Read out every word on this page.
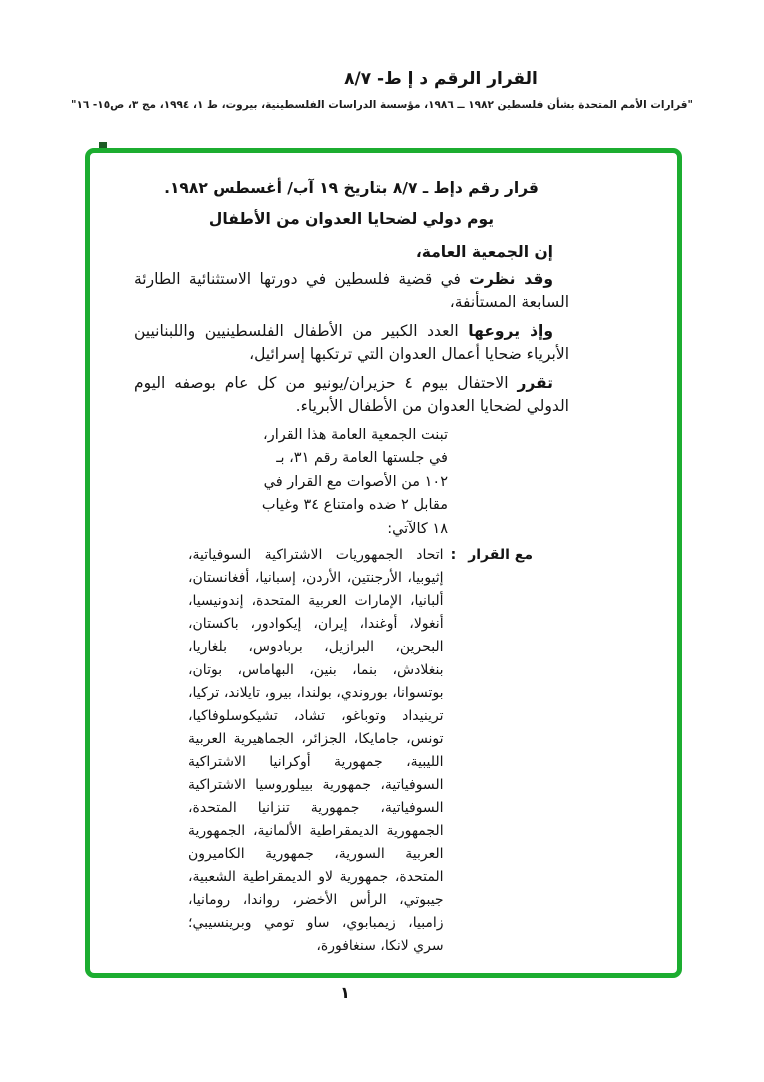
القرار الرقم د إ ط- ٨/٧
"قرارات الأمم المتحدة بشأن فلسطين ١٩٨٢ ــ ١٩٨٦، مؤسسة الدراسات الفلسطينية، بيروت، ط ١، ١٩٩٤، مج ٣، ص١٥- ١٦"
قرار رقم دإط ـ ٨/٧ بتاريخ ١٩ آب/ أغسطس ١٩٨٢.
يوم دولي لضحايا العدوان من الأطفال

إن الجمعية العامة،

وقد نظرت في قضية فلسطين في دورتها الاستثنائية الطارئة السابعة المستأنفة،

وإذ يروعها العدد الكبير من الأطفال الفلسطينيين واللبنانيين الأبرياء ضحايا أعمال العدوان التي ترتكبها إسرائيل،

تقرر الاحتفال بيوم ٤ حزيران/يونيو من كل عام بوصفه اليوم الدولي لضحايا العدوان من الأطفال الأبرياء.

تبنت الجمعية العامة هذا القرار،
في جلستها العامة رقم ٣١، بـ
١٠٢ من الأصوات مع القرار في
مقابل ٢ ضده وامتناع ٣٤ وغياب
١٨ كالآتي:
مع القرار
:
اتحاد الجمهوريات الاشتراكية السوفياتية، إثيوبيا، الأرجنتين، الأردن، إسبانيا، أفغانستان، ألبانيا، الإمارات العربية المتحدة، إندونيسيا، أنغولا، أوغندا، إيران، إيكوادور، باكستان، البحرين، البرازيل، بربادوس، بلغاريا، بنغلادش، بنما، بنين، البهاماس، بوتان، بوتسوانا، بوروندي، بولندا، بيرو، تايلاند، تركيا، ترينيداد وتوباغو، تشاد، تشيكوسلوفاكيا، تونس، جامايكا، الجزائر، الجماهيرية العربية الليبية، جمهورية أوكرانيا الاشتراكية السوفياتية، جمهورية بييلوروسيا الاشتراكية السوفياتية، جمهورية تنزانيا المتحدة، الجمهورية الديمقراطية الألمانية، الجمهورية العربية السورية، جمهورية الكاميرون المتحدة، جمهورية لاو الديمقراطية الشعبية، جيبوتي، الرأس الأخضر، رواندا، رومانيا، زامبيا، زيمبابوي، ساو تومي وبرينسيبي؛ سري لانكا، سنغافورة،
١
